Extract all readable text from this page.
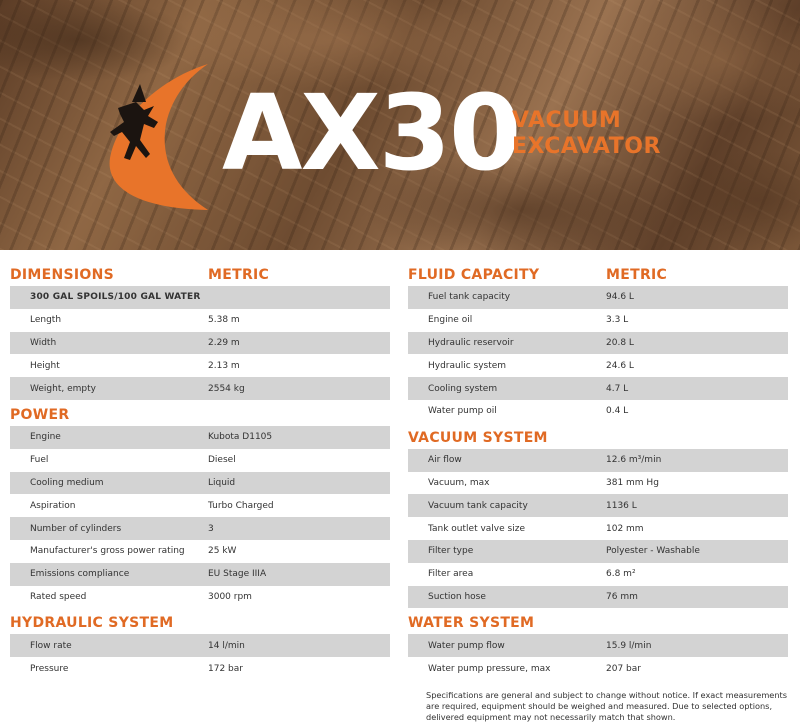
AX30
VACUUM
EXCAVATOR
DIMENSIONS	METRIC
300 GAL SPOILS/100 GAL WATER
Length	5.38 m
Width	2.29 m
Height	2.13 m
Weight, empty	2554 kg
POWER
Engine	Kubota D1105
Fuel	Diesel
Cooling medium	Liquid
Aspiration	Turbo Charged
Number of cylinders	3
Manufacturer's gross power rating	25 kW
Emissions compliance	EU Stage IIIA
Rated speed	3000 rpm
HYDRAULIC SYSTEM
Flow rate	14 l/min
Pressure	172 bar
FLUID CAPACITY	METRIC
Fuel tank capacity	94.6 L
Engine oil	3.3 L
Hydraulic reservoir	20.8 L
Hydraulic system	24.6 L
Cooling system	4.7 L
Water pump oil	0.4 L
VACUUM SYSTEM
Air flow	12.6 m³/min
Vacuum, max	381 mm Hg
Vacuum tank capacity	1136 L
Tank outlet valve size	102 mm
Filter type	Polyester - Washable
Filter area	6.8 m²
Suction hose	76 mm
WATER SYSTEM
Water pump flow	15.9 l/min
Water pump pressure, max	207 bar
Specifications are general and subject to change without notice. If exact measurements are required, equipment should be weighed and measured. Due to selected options, delivered equipment may not necessarily match that shown.
